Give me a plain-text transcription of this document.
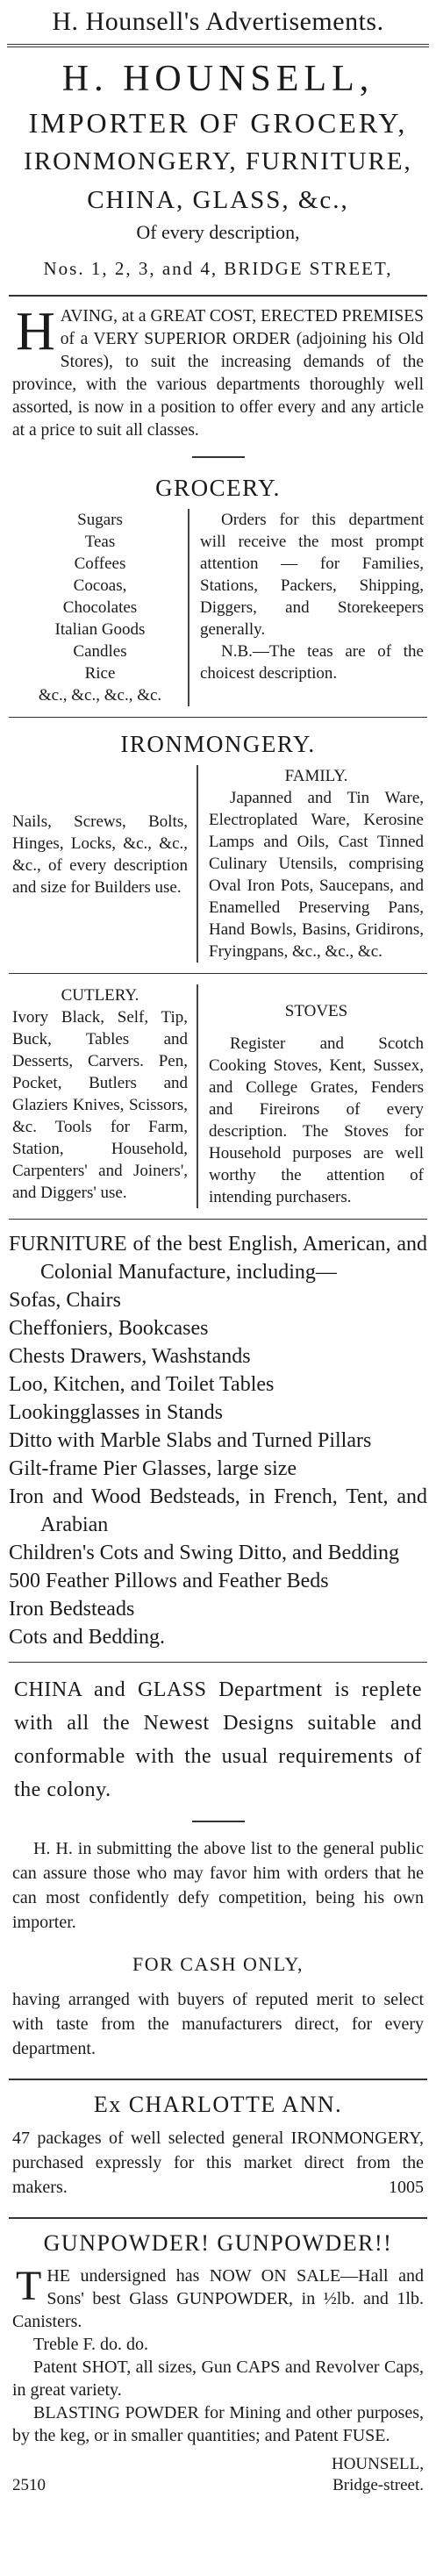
H. Hounsell's Advertisements.
H. HOUNSELL,
IMPORTER OF GROCERY,
IRONMONGERY, FURNITURE,
CHINA, GLASS, &c.,
Of every description,
Nos. 1, 2, 3, and 4, BRIDGE STREET,
HAVING, at a GREAT COST, ERECTED PREMISES of a VERY SUPERIOR ORDER (adjoining his Old Stores), to suit the increasing demands of the province, with the various departments thoroughly well assorted, is now in a position to offer every and any article at a price to suit all classes.
GROCERY.
Sugars
Teas
Coffees
Cocoas,
Chocolates
Italian Goods
Candles
Rice
&c., &c., &c., &c.
Orders for this department will receive the most prompt attention — for Families, Stations, Packers, Shipping, Diggers, and Storekeepers generally.
N.B.—The teas are of the choicest description.
IRONMONGERY.
Nails, Screws, Bolts, Hinges, Locks, &c., &c., &c., of every description and size for Builders use.
FAMILY.
Japanned and Tin Ware, Electroplated Ware, Kerosine Lamps and Oils, Cast Tinned Culinary Utensils, comprising Oval Iron Pots, Saucepans, and Enamelled Preserving Pans, Hand Bowls, Basins, Gridirons, Fryingpans, &c., &c., &c.
CUTLERY.
Ivory Black, Self, Tip, Buck, Tables and Desserts, Carvers. Pen, Pocket, Butlers and Glaziers Knives, Scissors, &c. Tools for Farm, Station, Household, Carpenters' and Joiners', and Diggers' use.
STOVES
Register and Scotch Cooking Stoves, Kent, Sussex, and College Grates, Fenders and Fireirons of every description. The Stoves for Household purposes are well worthy the attention of intending purchasers.
FURNITURE of the best English, American, and Colonial Manufacture, including—
Sofas, Chairs
Cheffoniers, Bookcases
Chests Drawers, Washstands
Loo, Kitchen, and Toilet Tables
Lookingglasses in Stands
Ditto with Marble Slabs and Turned Pillars
Gilt-frame Pier Glasses, large size
Iron and Wood Bedsteads, in French, Tent, and Arabian
Children's Cots and Swing Ditto, and Bedding
500 Feather Pillows and Feather Beds
Iron Bedsteads
Cots and Bedding.
CHINA and GLASS Department is replete with all the Newest Designs suitable and conformable with the usual requirements of the colony.
H. H. in submitting the above list to the general public can assure those who may favor him with orders that he can most confidently defy competition, being his own importer.
FOR CASH ONLY,
having arranged with buyers of reputed merit to select with taste from the manufacturers direct, for every department.
Ex CHARLOTTE ANN.
47 packages of well selected general IRONMONGERY, purchased expressly for this market direct from the makers.	1005
GUNPOWDER! GUNPOWDER!!
THE undersigned has NOW ON SALE—Hall and Sons' best Glass GUNPOWDER, in ½lb. and 1lb. Canisters.
Treble F. do. do.
Patent SHOT, all sizes, Gun CAPS and Revolver Caps, in great variety.
BLASTING POWDER for Mining and other purposes, by the keg, or in smaller quantities; and Patent FUSE.
HOUNSELL,
2510	Bridge-street.
